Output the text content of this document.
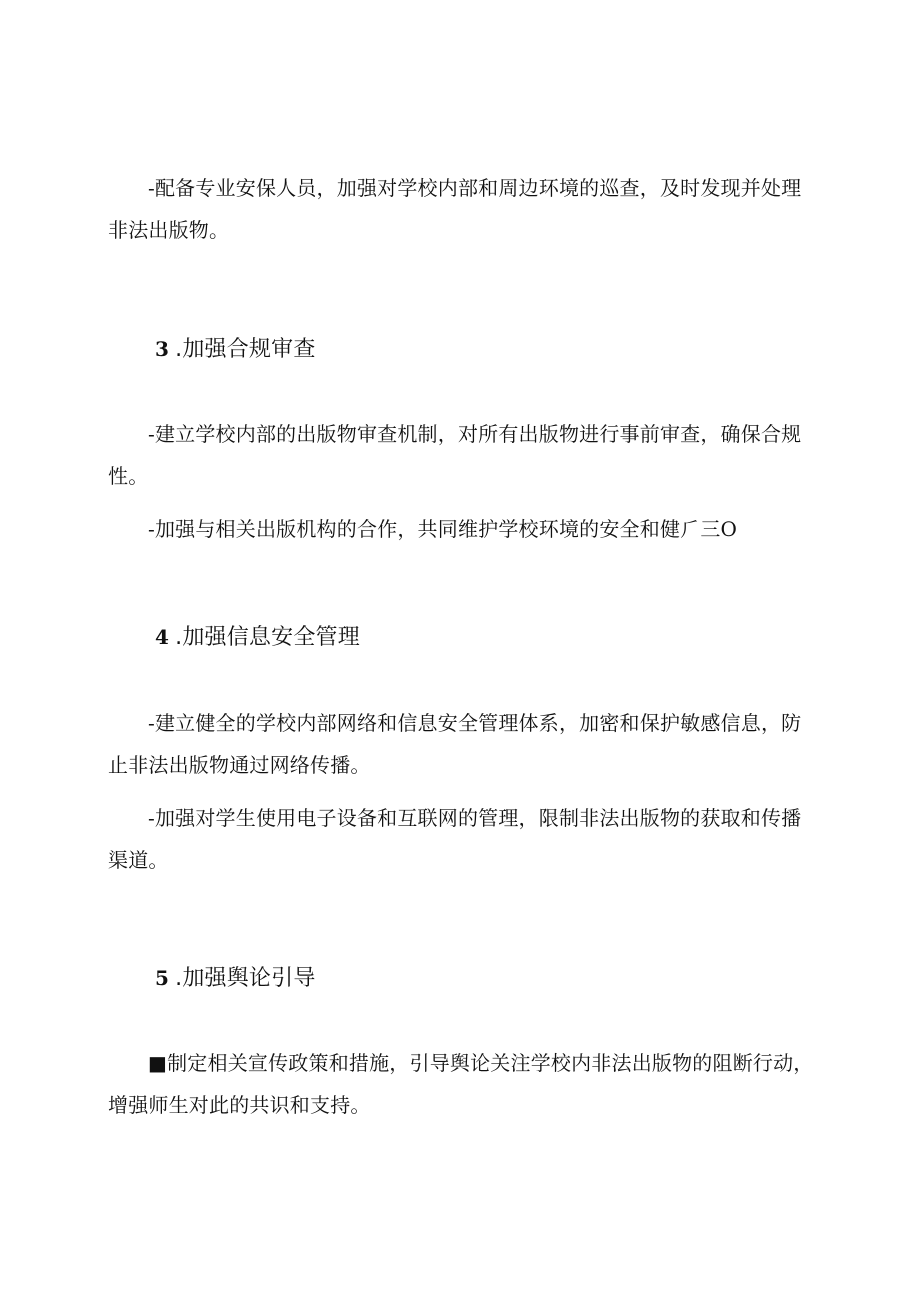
-配备专业安保人员，加强对学校内部和周边环境的巡查，及时发现并处理非法出版物。

3 .加强合规审查

-建立学校内部的出版物审查机制，对所有出版物进行事前审查，确保合规性。

-加强与相关出版机构的合作，共同维护学校环境的安全和健⺁三O

4 .加强信息安全管理

-建立健全的学校内部网络和信息安全管理体系，加密和保护敏感信息，防止非法出版物通过网络传播。

-加强对学生使用电子设备和互联网的管理，限制非法出版物的获取和传播渠道。

5 .加强舆论引导

■制定相关宣传政策和措施，引导舆论关注学校内非法出版物的阻断行动，增强师生对此的共识和支持。
